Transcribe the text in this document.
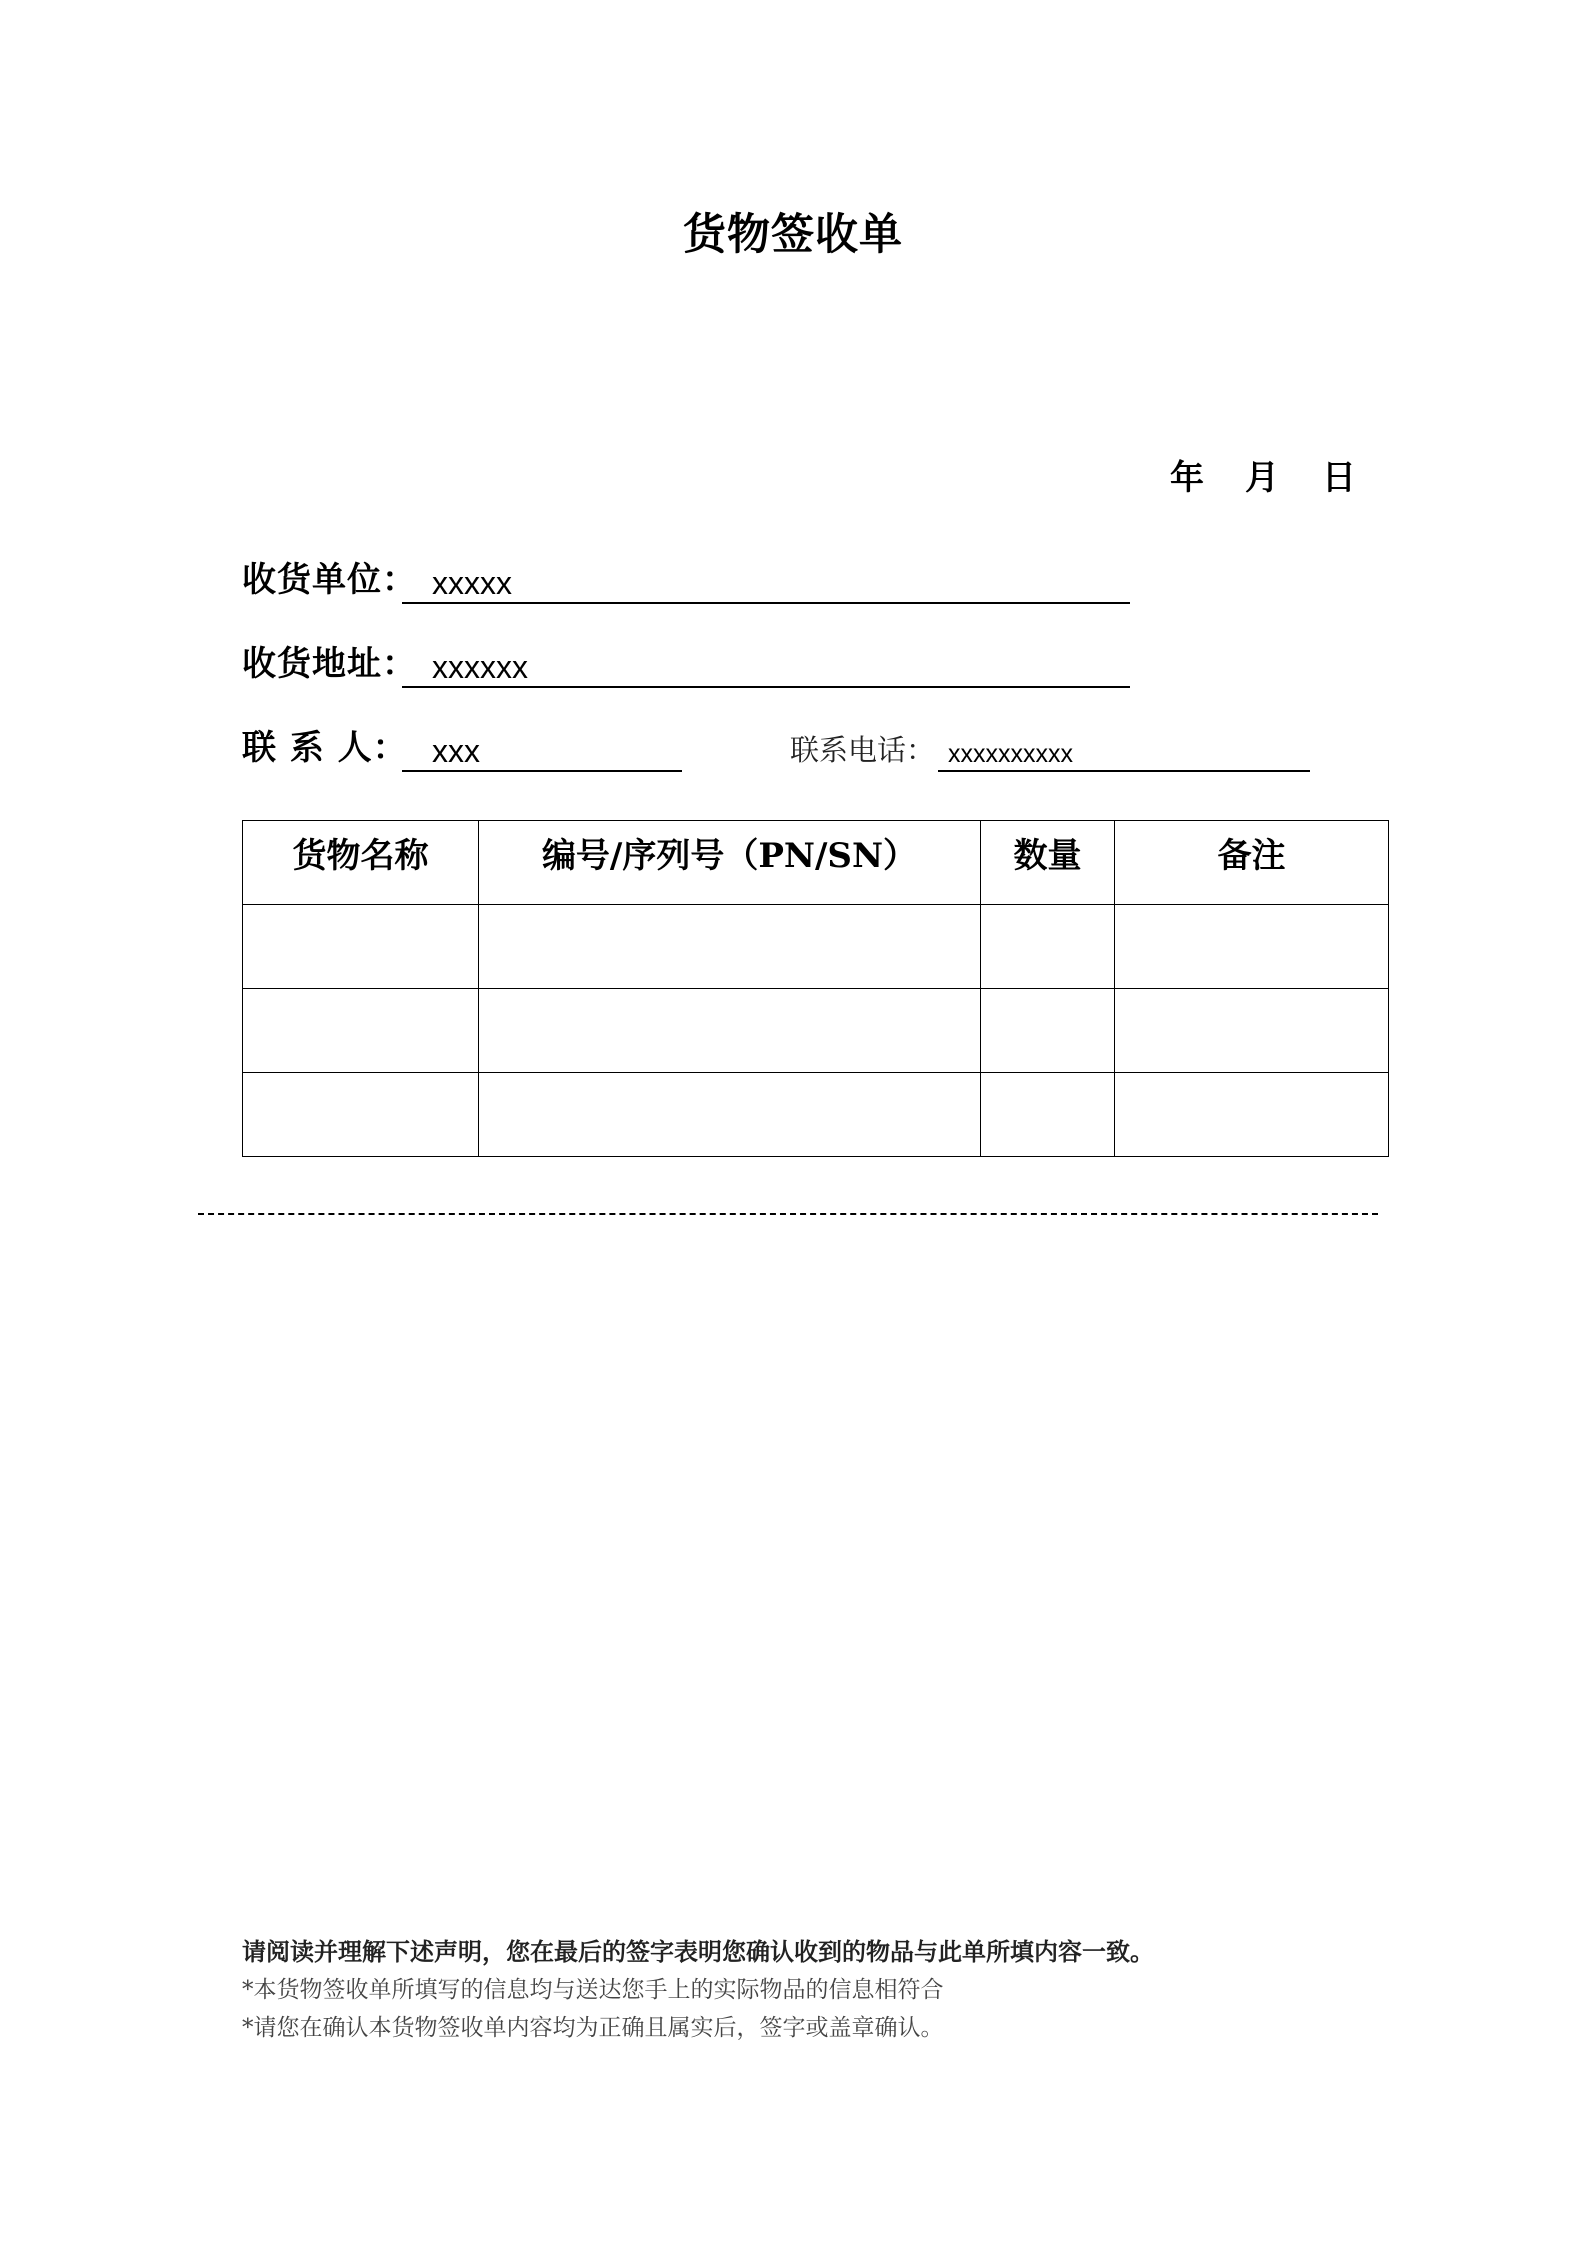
货物签收单
年 月 日
收货单位： xxxxx
收货地址： xxxxxx
联 系 人： xxx	联系电话： xxxxxxxxxx
货物名称	编号/序列号（PN/SN）	数量	备注

请阅读并理解下述声明，您在最后的签字表明您确认收到的物品与此单所填内容一致。
*本货物签收单所填写的信息均与送达您手上的实际物品的信息相符合
*请您在确认本货物签收单内容均为正确且属实后，签字或盖章确认。
